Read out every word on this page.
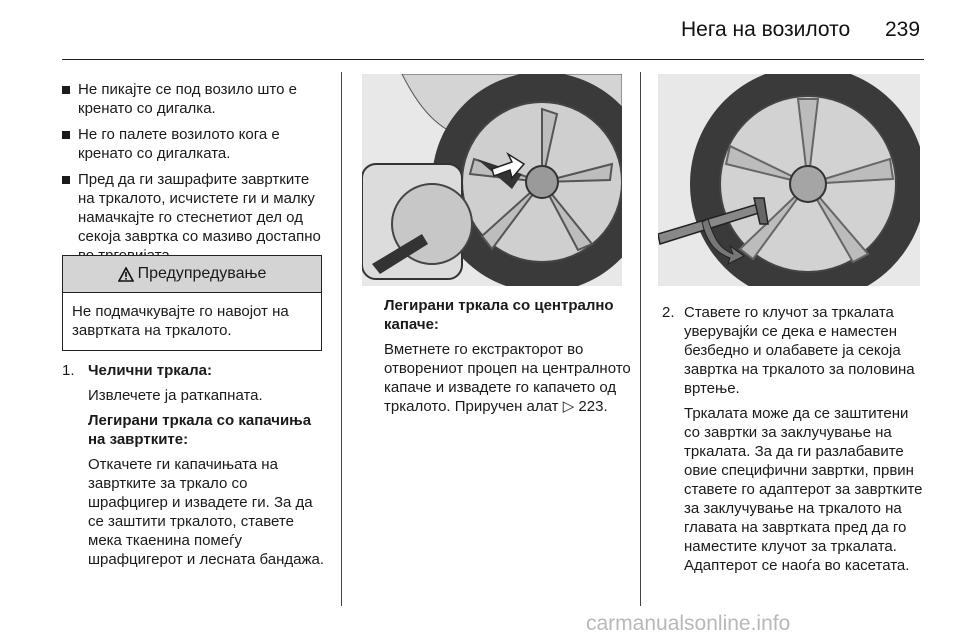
Нега на возилото 239
Не пикајте се под возило што е кренато со дигалка.
Не го палете возилото кога е кренато со дигалката.
Пред да ги зашрафите завртките на тркалото, исчистете ги и малку намачкајте го стеснетиот дел од секоја завртка со мазиво достапно
Предупредување
Не подмачкувајте го навојот на завртката на тркалото.
1. Челични тркала:

Извлечете ја раткапната.

Легирани тркала со капачиња на завртките:

Откачете ги капачињата на завртките за тркало со шрафцигер и извадете ги. За да се заштити тркалото, ставете мека ткаенина помеѓу шрафцигерот и лесната бандажа.

Легирани тркала со централно капаче:

Вметнете го екстракторот во отворениот процеп на централното капаче и извадете го капачето од тркалото. Приручен алат ▷ 223.

2. Ставете го клучот за тркалата уверувајќи се дека е наместен безбедно и олабавете ја секоја завртка на тркалото за половина вртење.

Тркалата може да се заштитени со завртки за заклучување на тркалата. За да ги разлабавите овие специфични завртки, првин ставете го адаптерот за завртките за заклучување на тркалото на главата на завртката пред да го наместите клучот за тркалата. Адаптерот се наоѓа во касетата.

carmanualsonline.info
